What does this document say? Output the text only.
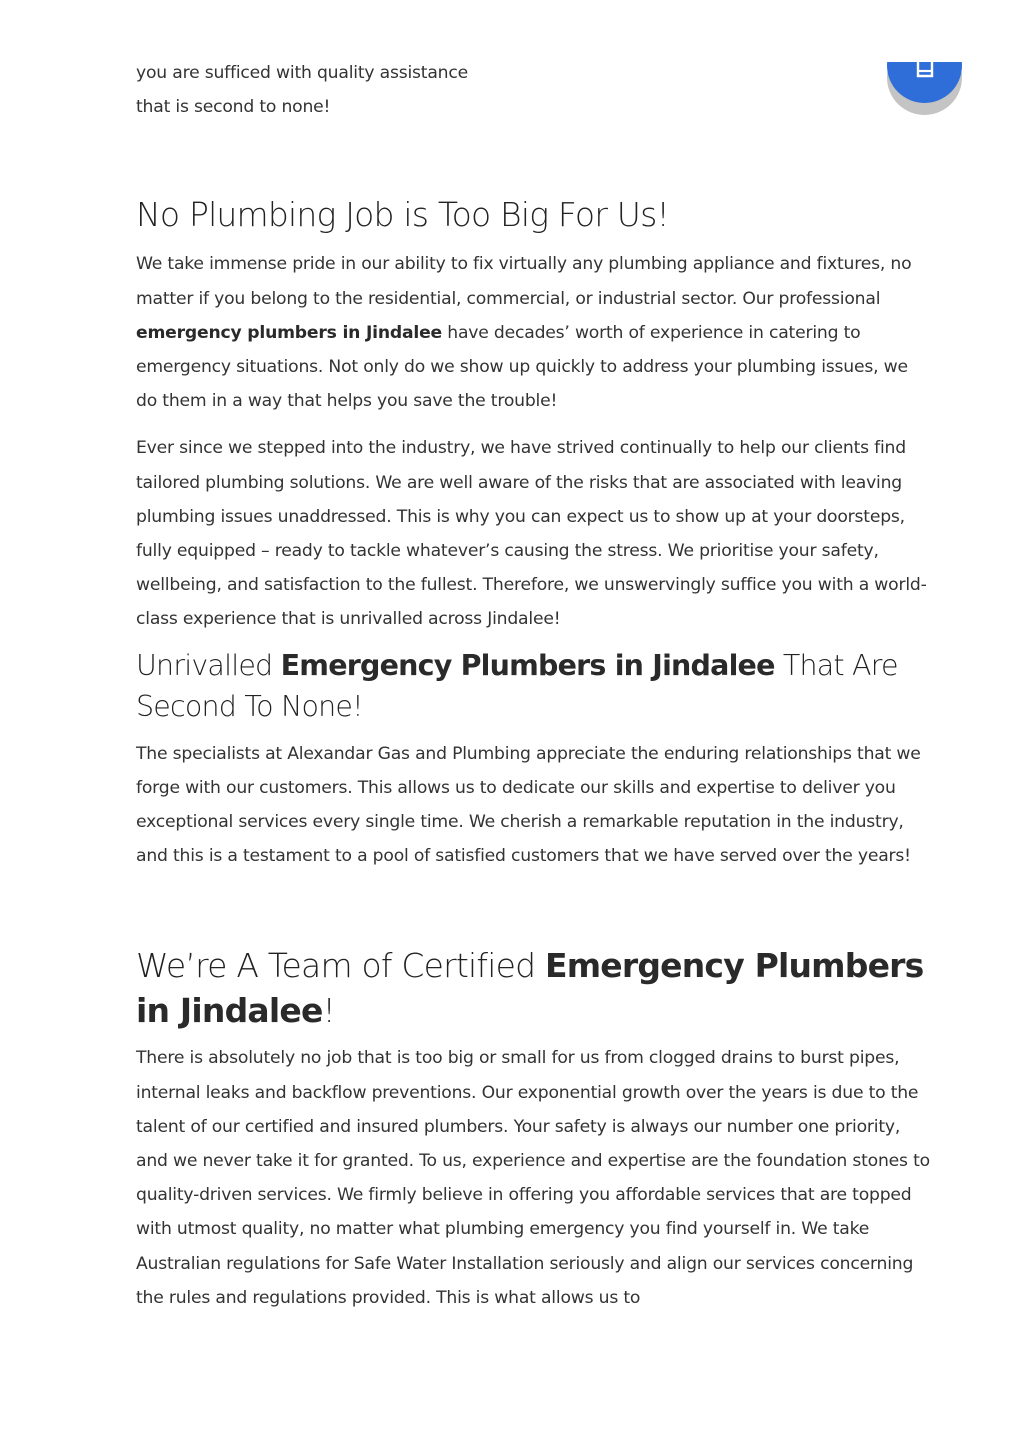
you are sufficed with quality assistance
that is second to none!

No Plumbing Job is Too Big For Us!

We take immense pride in our ability to fix virtually any plumbing appliance and fixtures, no matter if you belong to the residential, commercial, or industrial sector. Our professional emergency plumbers in Jindalee have decades’ worth of experience in catering to emergency situations. Not only do we show up quickly to address your plumbing issues, we do them in a way that helps you save the trouble!

Ever since we stepped into the industry, we have strived continually to help our clients find tailored plumbing solutions. We are well aware of the risks that are associated with leaving plumbing issues unaddressed. This is why you can expect us to show up at your doorsteps, fully equipped – ready to tackle whatever’s causing the stress. We prioritise your safety, wellbeing, and satisfaction to the fullest. Therefore, we unswervingly suffice you with a world-class experience that is unrivalled across Jindalee!

Unrivalled Emergency Plumbers in Jindalee That Are Second To None!

The specialists at Alexandar Gas and Plumbing appreciate the enduring relationships that we forge with our customers. This allows us to dedicate our skills and expertise to deliver you exceptional services every single time. We cherish a remarkable reputation in the industry, and this is a testament to a pool of satisfied customers that we have served over the years!

We’re A Team of Certified Emergency Plumbers in Jindalee!

There is absolutely no job that is too big or small for us from clogged drains to burst pipes, internal leaks and backflow preventions. Our exponential growth over the years is due to the talent of our certified and insured plumbers. Your safety is always our number one priority, and we never take it for granted. To us, experience and expertise are the foundation stones to quality-driven services. We firmly believe in offering you affordable services that are topped with utmost quality, no matter what plumbing emergency you find yourself in. We take Australian regulations for Safe Water Installation seriously and align our services concerning the rules and regulations provided. This is what allows us to
